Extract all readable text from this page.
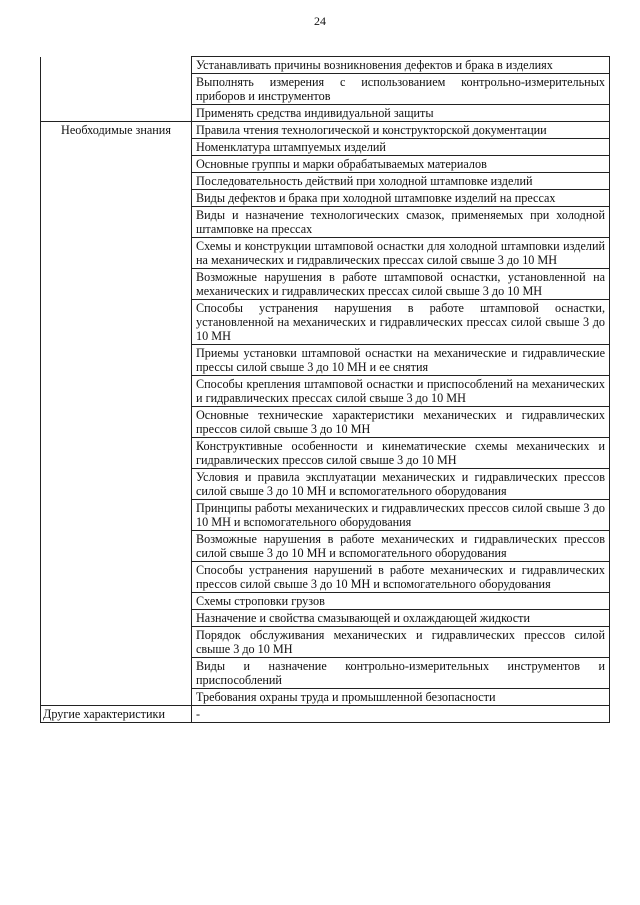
24
	Устанавливать причины возникновения дефектов и брака в изделиях
	Выполнять измерения с использованием контрольно-измерительных приборов и инструментов
	Применять средства индивидуальной защиты
Необходимые знания	Правила чтения технологической и конструкторской документации
	Номенклатура штампуемых изделий
	Основные группы и марки обрабатываемых материалов
	Последовательность действий при холодной штамповке изделий
	Виды дефектов и брака при холодной штамповке изделий на прессах
	Виды и назначение технологических смазок, применяемых при холодной штамповке на прессах
	Схемы и конструкции штамповой оснастки для холодной штамповки изделий на механических и гидравлических прессах силой свыше 3 до 10 МН
	Возможные нарушения в работе штамповой оснастки, установленной на механических и гидравлических прессах силой свыше 3 до 10 МН
	Способы устранения нарушения в работе штамповой оснастки, установленной на механических и гидравлических прессах силой свыше 3 до 10 МН
	Приемы установки штамповой оснастки на механические и гидравлические прессы силой свыше 3 до 10 МН и ее снятия
	Способы крепления штамповой оснастки и приспособлений на механических и гидравлических прессах силой свыше 3 до 10 МН
	Основные технические характеристики механических и гидравлических прессов силой свыше 3 до 10 МН
	Конструктивные особенности и кинематические схемы механических и гидравлических прессов силой свыше 3 до 10 МН
	Условия и правила эксплуатации механических и гидравлических прессов силой свыше 3 до 10 МН и вспомогательного оборудования
	Принципы работы механических и гидравлических прессов силой свыше 3 до 10 МН и вспомогательного оборудования
	Возможные нарушения в работе механических и гидравлических прессов силой свыше 3 до 10 МН и вспомогательного оборудования
	Способы устранения нарушений в работе механических и гидравлических прессов силой свыше 3 до 10 МН и вспомогательного оборудования
	Схемы строповки грузов
	Назначение и свойства смазывающей и охлаждающей жидкости
	Порядок обслуживания механических и гидравлических прессов силой свыше 3 до 10 МН
	Виды и назначение контрольно-измерительных инструментов и приспособлений
	Требования охраны труда и промышленной безопасности
Другие характеристики	-
